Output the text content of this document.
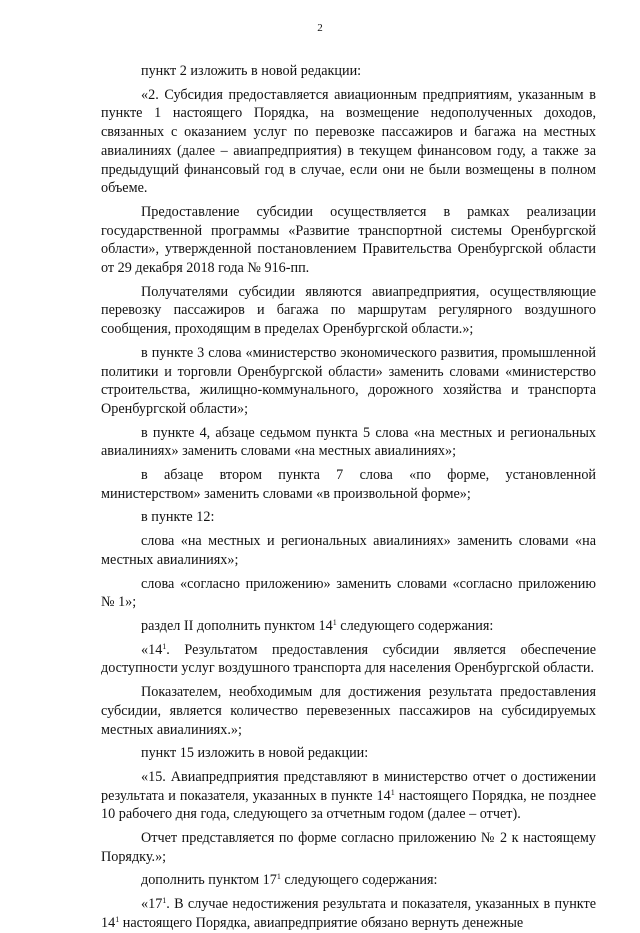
2

пункт 2 изложить в новой редакции:

«2. Субсидия предоставляется авиационным предприятиям, указанным в пункте 1 настоящего Порядка, на возмещение недополученных доходов, связанных с оказанием услуг по перевозке пассажиров и багажа на местных авиалиниях (далее – авиапредприятия) в текущем финансовом году, а также за предыдущий финансовый год в случае, если они не были возмещены в полном объеме.

Предоставление субсидии осуществляется в рамках реализации государственной программы «Развитие транспортной системы Оренбургской области», утвержденной постановлением Правительства Оренбургской области от 29 декабря 2018 года № 916-пп.

Получателями субсидии являются авиапредприятия, осуществляющие перевозку пассажиров и багажа по маршрутам регулярного воздушного сообщения, проходящим в пределах Оренбургской области.»;

в пункте 3 слова «министерство экономического развития, промышленной политики и торговли Оренбургской области» заменить словами «министерство строительства, жилищно-коммунального, дорожного хозяйства и транспорта Оренбургской области»;

в пункте 4, абзаце седьмом пункта 5 слова «на местных и региональных авиалиниях» заменить словами «на местных авиалиниях»;

в абзаце втором пункта 7 слова «по форме, установленной министерством» заменить словами «в произвольной форме»;

в пункте 12:

слова «на местных и региональных авиалиниях» заменить словами «на местных авиалиниях»;

слова «согласно приложению» заменить словами «согласно приложению № 1»;

раздел II дополнить пунктом $14^1$ следующего содержания:

«$14^1$. Результатом предоставления субсидии является обеспечение доступности услуг воздушного транспорта для населения Оренбургской области.

Показателем, необходимым для достижения результата предоставления субсидии, является количество перевезенных пассажиров на субсидируемых местных авиалиниях.»;

пункт 15 изложить в новой редакции:

«15. Авиапредприятия представляют в министерство отчет о достижении результата и показателя, указанных в пункте $14^1$ настоящего Порядка, не позднее 10 рабочего дня года, следующего за отчетным годом (далее – отчет).

Отчет представляется по форме согласно приложению № 2 к настоящему Порядку.»;

дополнить пунктом $17^1$ следующего содержания:

«$17^1$. В случае недостижения результата и показателя, указанных в пункте $14^1$ настоящего Порядка, авиапредприятие обязано вернуть денежные
